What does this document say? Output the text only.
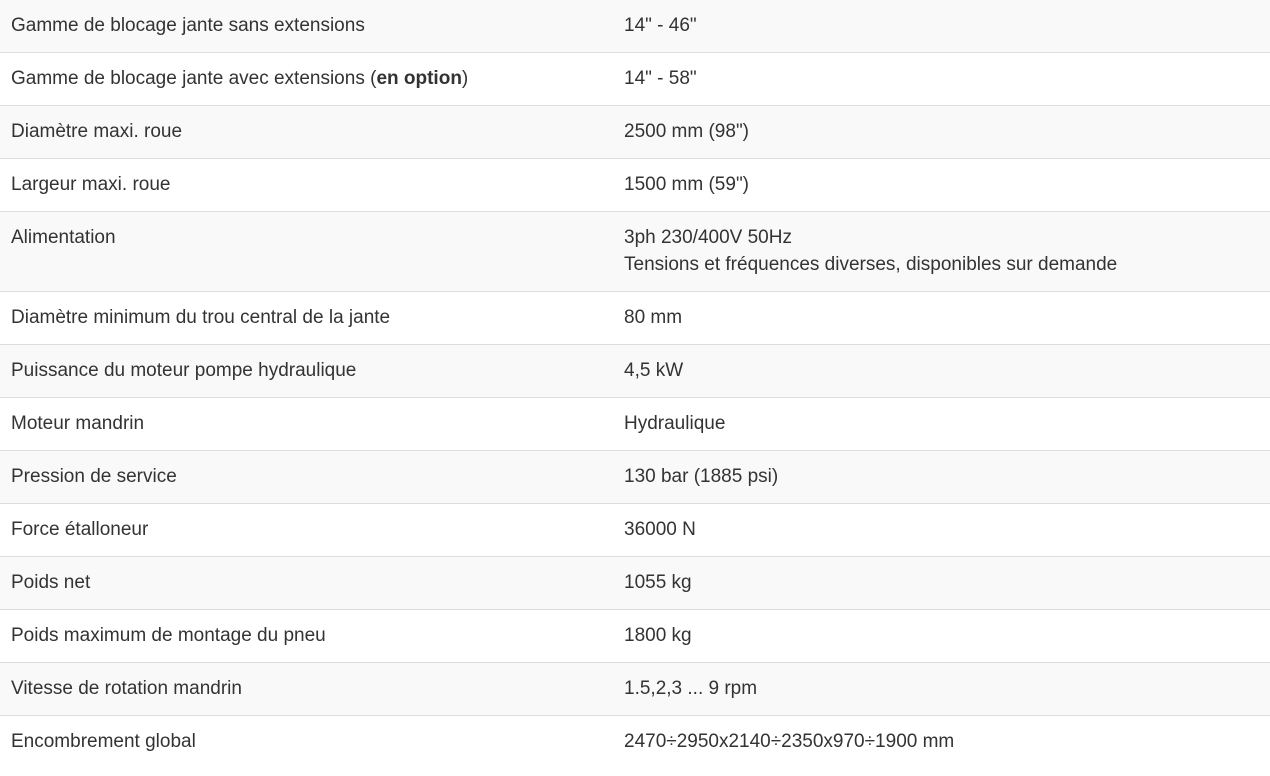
Gamme de blocage jante sans extensions	14" - 46"
Gamme de blocage jante avec extensions (en option)	14" - 58"
Diamètre maxi. roue	2500 mm (98")
Largeur maxi. roue	1500 mm (59")
Alimentation	3ph 230/400V 50Hz
Tensions et fréquences diverses, disponibles sur demande

Diamètre minimum du trou central de la jante	80 mm
Puissance du moteur pompe hydraulique	4,5 kW
Moteur mandrin	Hydraulique
Pression de service	130 bar (1885 psi)
Force étalloneur	36000 N
Poids net	1055 kg
Poids maximum de montage du pneu	1800 kg
Vitesse de rotation mandrin	1.5,2,3 ... 9 rpm
Encombrement global	2470÷2950x2140÷2350x970÷1900 mm
